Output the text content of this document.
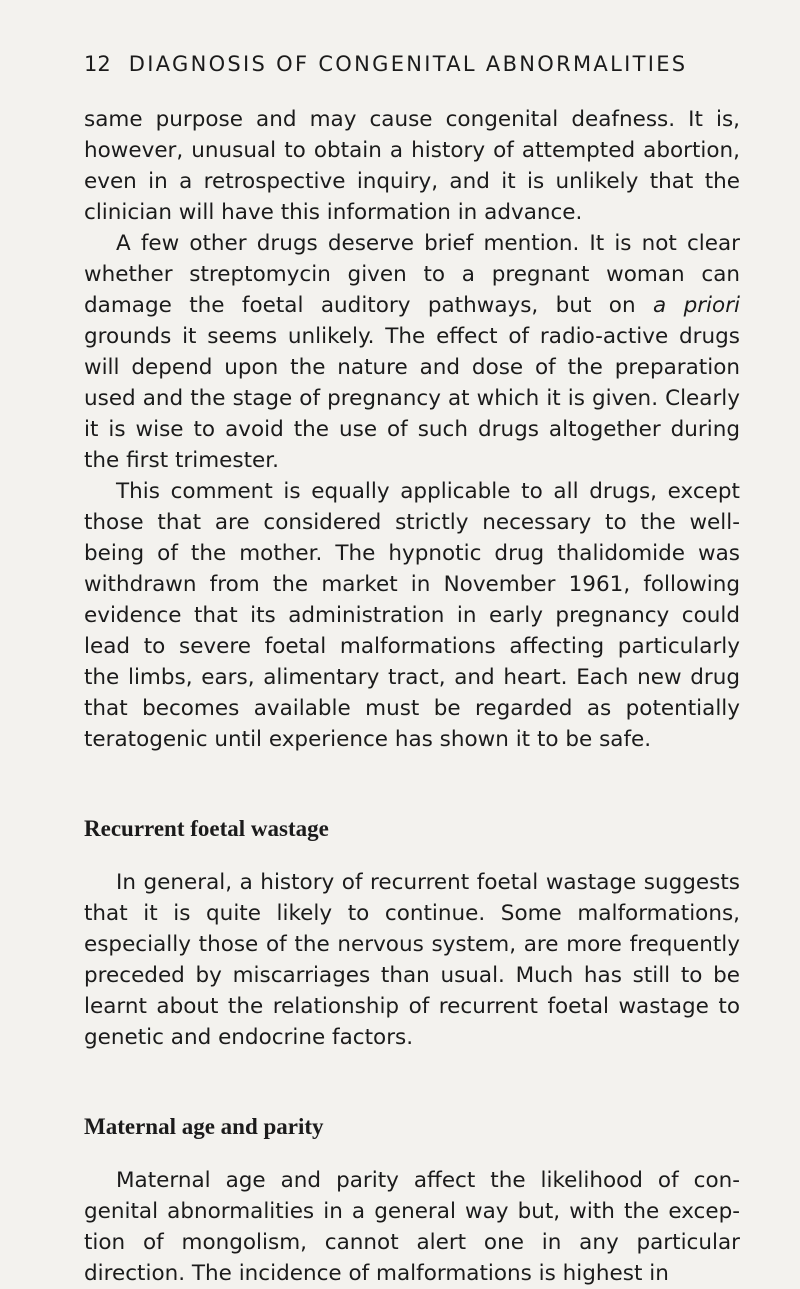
12 DIAGNOSIS OF CONGENITAL ABNORMALITIES

same purpose and may cause congenital deafness. It is, however, unusual to obtain a history of attempted abortion, even in a retrospective inquiry, and it is unlikely that the clinician will have this information in advance.

A few other drugs deserve brief mention. It is not clear whether streptomycin given to a pregnant woman can damage the foetal auditory pathways, but on a priori grounds it seems unlikely. The effect of radio-active drugs will depend upon the nature and dose of the preparation used and the stage of pregnancy at which it is given. Clearly it is wise to avoid the use of such drugs altogether during the first trimester.

This comment is equally applicable to all drugs, except those that are considered strictly necessary to the well-being of the mother. The hypnotic drug thalidomide was withdrawn from the market in November 1961, following evidence that its administration in early pregnancy could lead to severe foetal malformations affecting particularly the limbs, ears, alimentary tract, and heart. Each new drug that becomes available must be regarded as potentially teratogenic until experience has shown it to be safe.

Recurrent foetal wastage

In general, a history of recurrent foetal wastage suggests that it is quite likely to continue. Some malformations, especially those of the nervous system, are more frequently preceded by miscarriages than usual. Much has still to be learnt about the relationship of recurrent foetal wastage to genetic and endocrine factors.

Maternal age and parity

Maternal age and parity affect the likelihood of con- genital abnormalities in a general way but, with the excep- tion of mongolism, cannot alert one in any particular direction. The incidence of malformations is highest in
